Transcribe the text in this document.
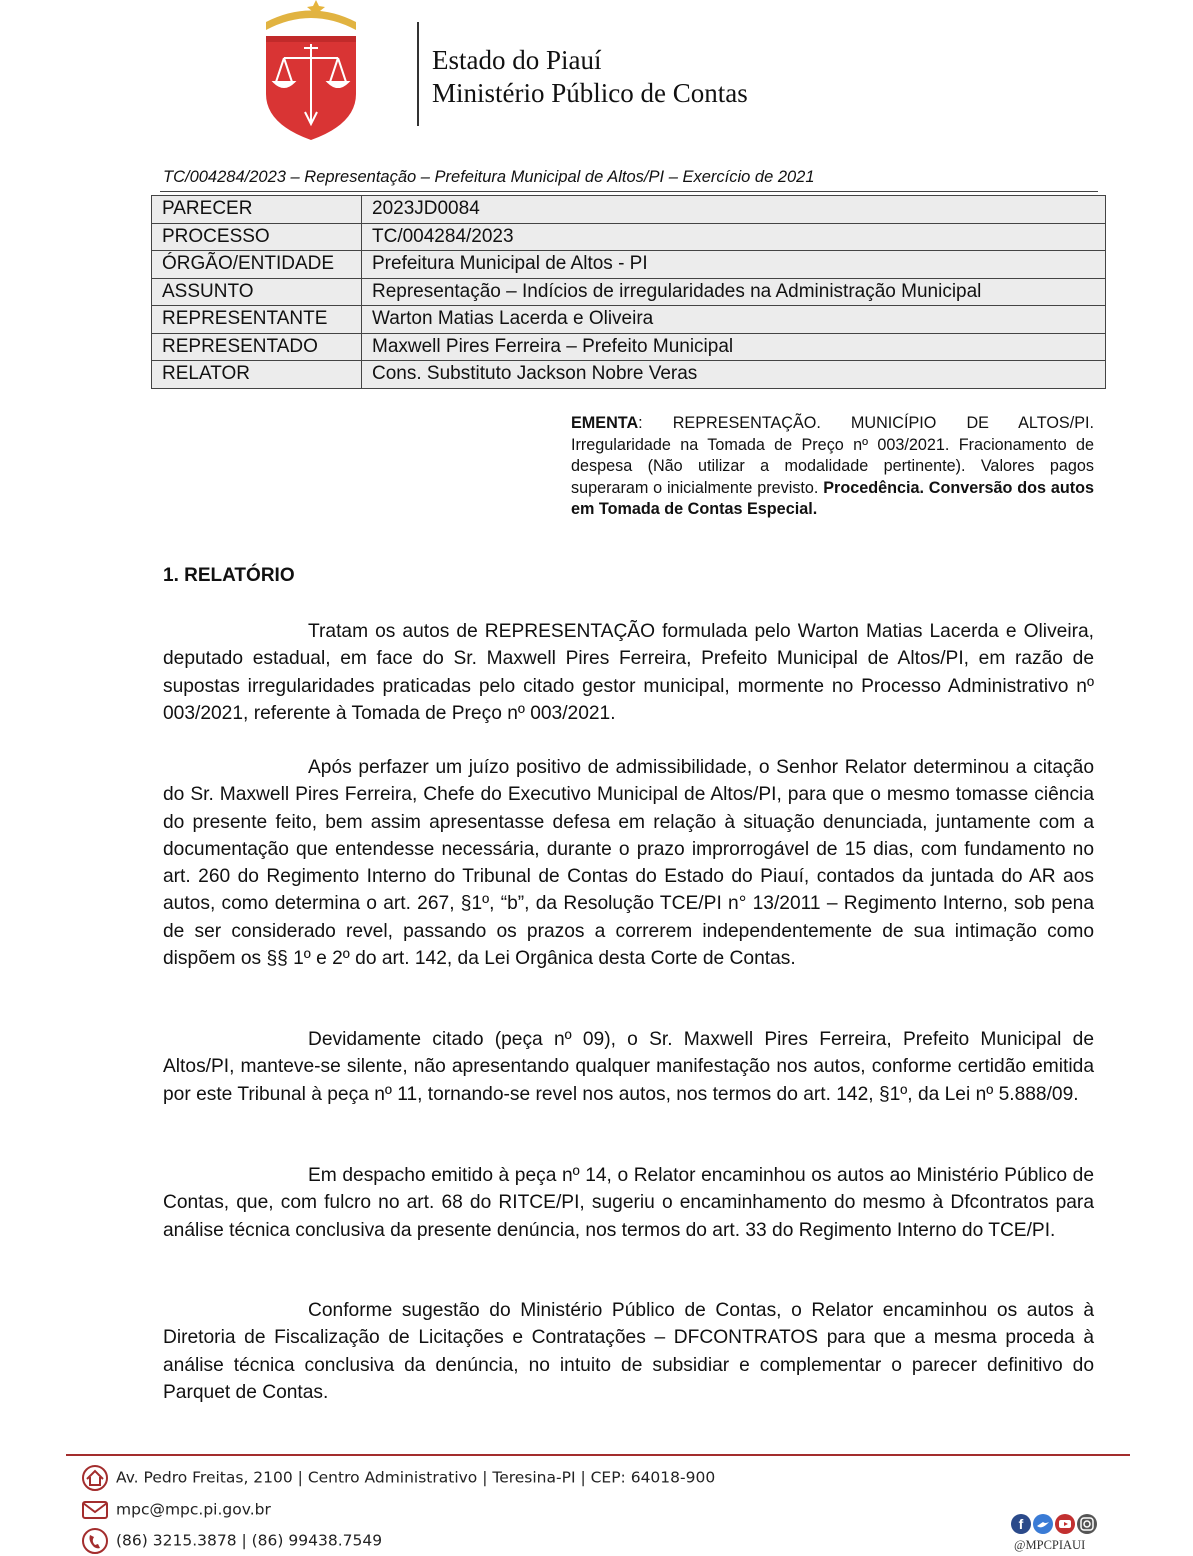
Estado do Piauí
Ministério Público de Contas
TC/004284/2023 – Representação – Prefeitura Municipal de Altos/PI – Exercício de 2021
PARECER	2023JD0084
PROCESSO	TC/004284/2023
ÓRGÃO/ENTIDADE	Prefeitura Municipal de Altos - PI
ASSUNTO	Representação – Indícios de irregularidades na Administração Municipal
REPRESENTANTE	Warton Matias Lacerda e Oliveira
REPRESENTADO	Maxwell Pires Ferreira – Prefeito Municipal
RELATOR	Cons. Substituto Jackson Nobre Veras
EMENTA: REPRESENTAÇÃO. MUNICÍPIO DE ALTOS/PI. Irregularidade na Tomada de Preço nº 003/2021. Fracionamento de despesa (Não utilizar a modalidade pertinente). Valores pagos superaram o inicialmente previsto. Procedência. Conversão dos autos em Tomada de Contas Especial.
1. RELATÓRIO

Tratam os autos de REPRESENTAÇÃO formulada pelo Warton Matias Lacerda e Oliveira, deputado estadual, em face do Sr. Maxwell Pires Ferreira, Prefeito Municipal de Altos/PI, em razão de supostas irregularidades praticadas pelo citado gestor municipal, mormente no Processo Administrativo nº 003/2021, referente à Tomada de Preço nº 003/2021.

Após perfazer um juízo positivo de admissibilidade, o Senhor Relator determinou a citação do Sr. Maxwell Pires Ferreira, Chefe do Executivo Municipal de Altos/PI, para que o mesmo tomasse ciência do presente feito, bem assim apresentasse defesa em relação à situação denunciada, juntamente com a documentação que entendesse necessária, durante o prazo improrrogável de 15 dias, com fundamento no art. 260 do Regimento Interno do Tribunal de Contas do Estado do Piauí, contados da juntada do AR aos autos, como determina o art. 267, §1º, “b”, da Resolução TCE/PI n° 13/2011 – Regimento Interno, sob pena de ser considerado revel, passando os prazos a correrem independentemente de sua intimação como dispõem os §§ 1º e 2º do art. 142, da Lei Orgânica desta Corte de Contas.

Devidamente citado (peça nº 09), o Sr. Maxwell Pires Ferreira, Prefeito Municipal de Altos/PI, manteve-se silente, não apresentando qualquer manifestação nos autos, conforme certidão emitida por este Tribunal à peça nº 11, tornando-se revel nos autos, nos termos do art. 142, §1º, da Lei nº 5.888/09.

Em despacho emitido à peça nº 14, o Relator encaminhou os autos ao Ministério Público de Contas, que, com fulcro no art. 68 do RITCE/PI, sugeriu o encaminhamento do mesmo à Dfcontratos para análise técnica conclusiva da presente denúncia, nos termos do art. 33 do Regimento Interno do TCE/PI.

Conforme sugestão do Ministério Público de Contas, o Relator encaminhou os autos à Diretoria de Fiscalização de Licitações e Contratações – DFCONTRATOS para que a mesma proceda à análise técnica conclusiva da denúncia, no intuito de subsidiar e complementar o parecer definitivo do Parquet de Contas.

Av. Pedro Freitas, 2100 | Centro Administrativo | Teresina-PI | CEP: 64018-900
mpc@mpc.pi.gov.br
(86) 3215.3878 | (86) 99438.7549
f
@MPCPIAUI
